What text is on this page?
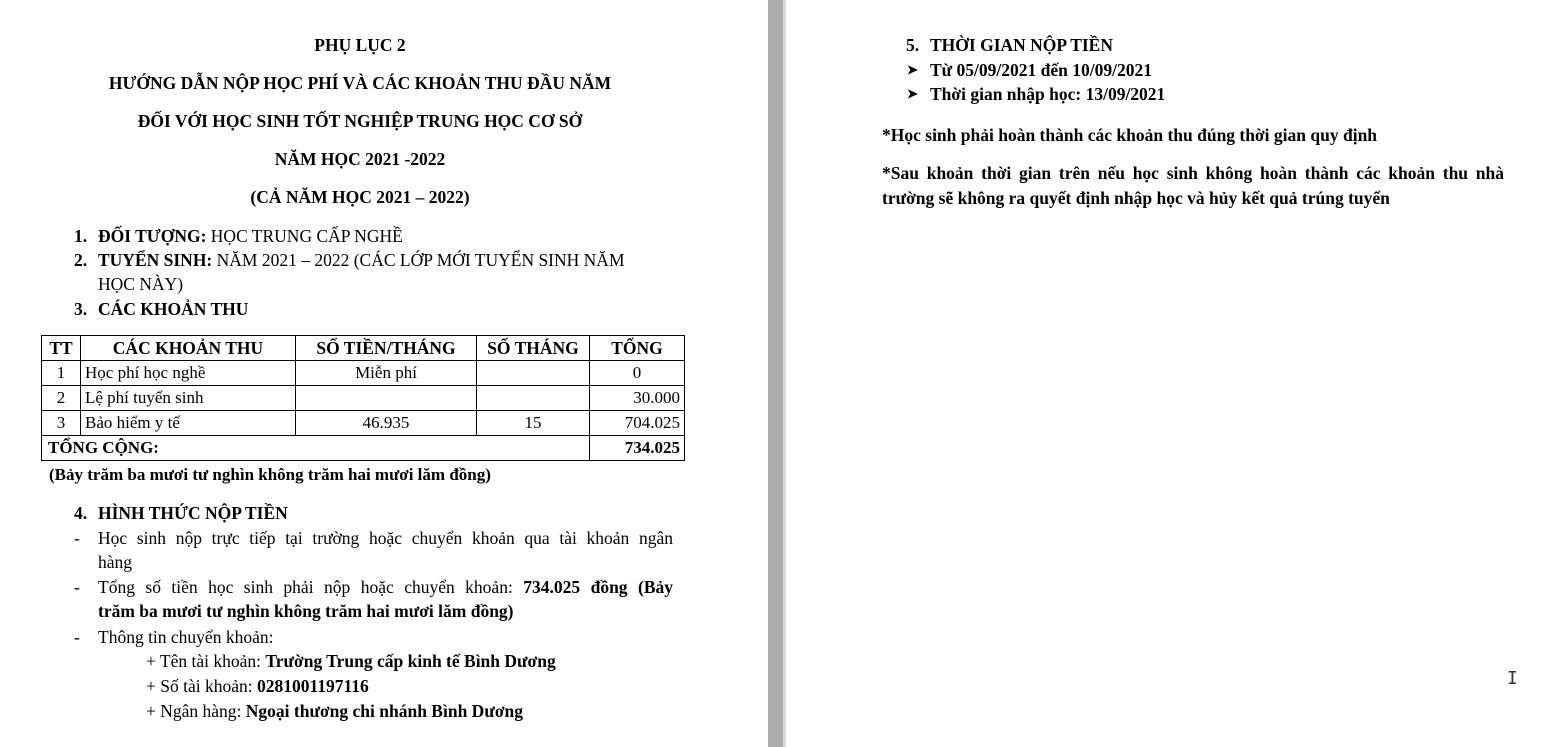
PHỤ LỤC 2
HƯỚNG DẪN NỘP HỌC PHÍ VÀ CÁC KHOẢN THU ĐẦU NĂM
ĐỐI VỚI HỌC SINH TỐT NGHIỆP TRUNG HỌC CƠ SỞ
NĂM HỌC 2021 -2022
(CẢ NĂM HỌC 2021 – 2022)
1. ĐỐI TƯỢNG: HỌC TRUNG CẤP NGHỀ
2. TUYỂN SINH: NĂM 2021 – 2022 (CÁC LỚP MỚI TUYỂN SINH NĂM
HỌC NÀY)
3. CÁC KHOẢN THU
TT	CÁC KHOẢN THU	SỐ TIỀN/THÁNG	SỐ THÁNG	TỔNG
1	Học phí học nghề	Miễn phí		0
2	Lệ phí tuyển sinh			30.000
3	Bảo hiểm y tế	46.935	15	704.025
TỔNG CỘNG:				734.025
(Bảy trăm ba mươi tư nghìn không trăm hai mươi lăm đồng)
4. HÌNH THỨC NỘP TIỀN
- Học sinh nộp trực tiếp tại trường hoặc chuyển khoản qua tài khoản ngân
hàng
- Tổng số tiền học sinh phải nộp hoặc chuyển khoản: 734.025 đồng (Bảy
trăm ba mươi tư nghìn không trăm hai mươi lăm đồng)
- Thông tin chuyển khoản:
+ Tên tài khoản: Trường Trung cấp kinh tế Bình Dương
+ Số tài khoản: 0281001197116
+ Ngân hàng: Ngoại thương chi nhánh Bình Dương
5. THỜI GIAN NỘP TIỀN
➤ Từ 05/09/2021 đến 10/09/2021
➤ Thời gian nhập học: 13/09/2021
*Học sinh phải hoàn thành các khoản thu đúng thời gian quy định
*Sau khoản thời gian trên nếu học sinh không hoàn thành các khoản thu nhà
trường sẽ không ra quyết định nhập học và hủy kết quả trúng tuyển
I
